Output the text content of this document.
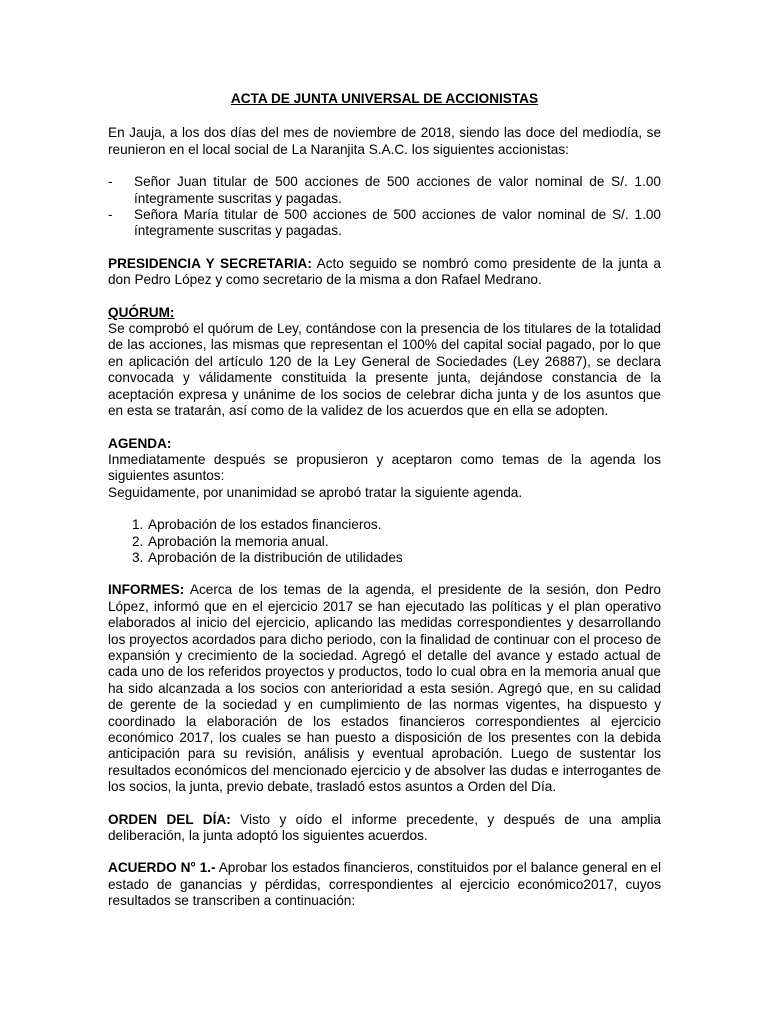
ACTA DE JUNTA UNIVERSAL DE ACCIONISTAS

En Jauja, a los dos días del mes de noviembre de 2018, siendo las doce del mediodía, se reunieron en el local social de La Naranjita S.A.C. los siguientes accionistas:

- Señor Juan titular de 500 acciones de 500 acciones de valor nominal de S/. 1.00 íntegramente suscritas y pagadas.
- Señora María titular de 500 acciones de 500 acciones de valor nominal de S/. 1.00 íntegramente suscritas y pagadas.

PRESIDENCIA Y SECRETARIA: Acto seguido se nombró como presidente de la junta a don Pedro López y como secretario de la misma a don Rafael Medrano.

QUÓRUM:

Se comprobó el quórum de Ley, contándose con la presencia de los titulares de la totalidad de las acciones, las mismas que representan el 100% del capital social pagado, por lo que en aplicación del artículo 120 de la Ley General de Sociedades (Ley 26887), se declara convocada y válidamente constituida la presente junta, dejándose constancia de la aceptación expresa y unánime de los socios de celebrar dicha junta y de los asuntos que en esta se tratarán, así como de la validez de los acuerdos que en ella se adopten.

AGENDA:

Inmediatamente después se propusieron y aceptaron como temas de la agenda los siguientes asuntos:

Seguidamente, por unanimidad se aprobó tratar la siguiente agenda.

1. Aprobación de los estados financieros.
2. Aprobación la memoria anual.
3. Aprobación de la distribución de utilidades

INFORMES: Acerca de los temas de la agenda, el presidente de la sesión, don Pedro López, informó que en el ejercicio 2017 se han ejecutado las políticas y el plan operativo elaborados al inicio del ejercicio, aplicando las medidas correspondientes y desarrollando los proyectos acordados para dicho periodo, con la finalidad de continuar con el proceso de expansión y crecimiento de la sociedad. Agregó el detalle del avance y estado actual de cada uno de los referidos proyectos y productos, todo lo cual obra en la memoria anual que ha sido alcanzada a los socios con anterioridad a esta sesión. Agregó que, en su calidad de gerente de la sociedad y en cumplimiento de las normas vigentes, ha dispuesto y coordinado la elaboración de los estados financieros correspondientes al ejercicio económico 2017, los cuales se han puesto a disposición de los presentes con la debida anticipación para su revisión, análisis y eventual aprobación. Luego de sustentar los resultados económicos del mencionado ejercicio y de absolver las dudas e interrogantes de los socios, la junta, previo debate, trasladó estos asuntos a Orden del Día.

ORDEN DEL DÍA: Visto y oído el informe precedente, y después de una amplia deliberación, la junta adoptó los siguientes acuerdos.

ACUERDO N° 1.- Aprobar los estados financieros, constituidos por el balance general en el estado de ganancias y pérdidas, correspondientes al ejercicio económico2017, cuyos resultados se transcriben a continuación:
